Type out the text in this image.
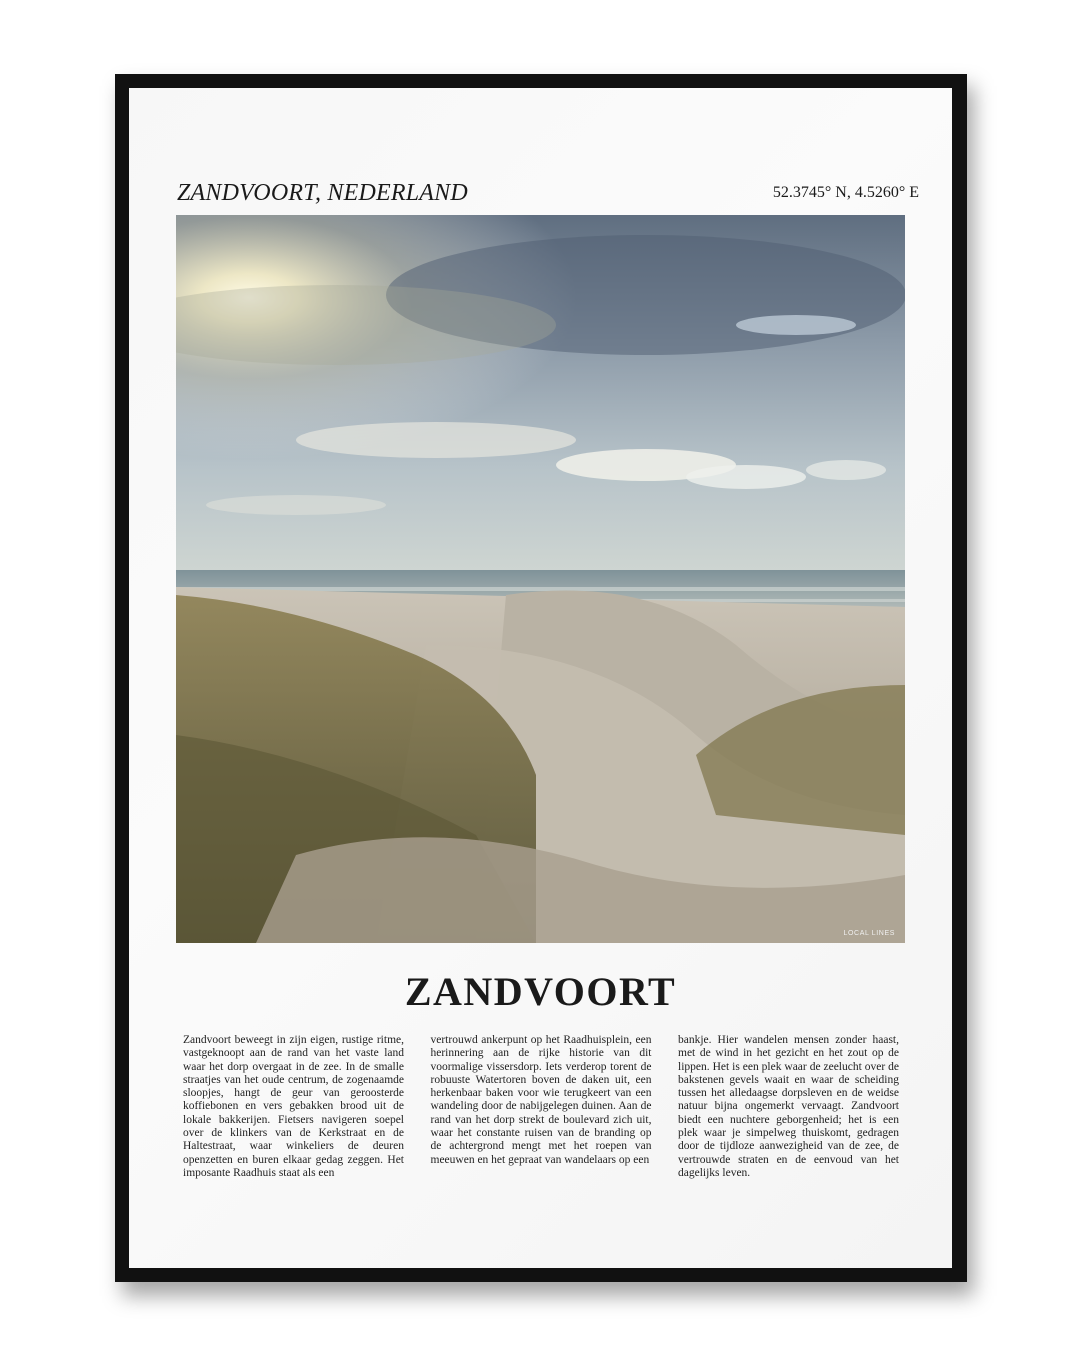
ZANDVOORT, NEDERLAND	52.3745° N, 4.5260° E
LOCAL LINES
ZANDVOORT
Zandvoort beweegt in zijn eigen, rustige ritme, vastgeknoopt aan de rand van het vaste land waar het dorp overgaat in de zee. In de smalle straatjes van het oude centrum, de zogenaamde sloopjes, hangt de geur van geroosterde koffiebonen en vers gebakken brood uit de lokale bakkerijen. Fietsers navigeren soepel over de klinkers van de Kerkstraat en de Haltestraat, waar winkeliers de deuren openzetten en buren elkaar gedag zeggen. Het imposante Raadhuis staat als een
vertrouwd ankerpunt op het Raadhuisplein, een herinnering aan de rijke historie van dit voormalige vissersdorp. Iets verderop torent de robuuste Watertoren boven de daken uit, een herkenbaar baken voor wie terugkeert van een wandeling door de nabijgelegen duinen. Aan de rand van het dorp strekt de boulevard zich uit, waar het constante ruisen van de branding op de achtergrond mengt met het roepen van meeuwen en het gepraat van wandelaars op een
bankje. Hier wandelen mensen zonder haast, met de wind in het gezicht en het zout op de lippen. Het is een plek waar de zeelucht over de bakstenen gevels waait en waar de scheiding tussen het alledaagse dorpsleven en de weidse natuur bijna ongemerkt vervaagt. Zandvoort biedt een nuchtere geborgenheid; het is een plek waar je simpelweg thuiskomt, gedragen door de tijdloze aanwezigheid van de zee, de vertrouwde straten en de eenvoud van het dagelijks leven.
